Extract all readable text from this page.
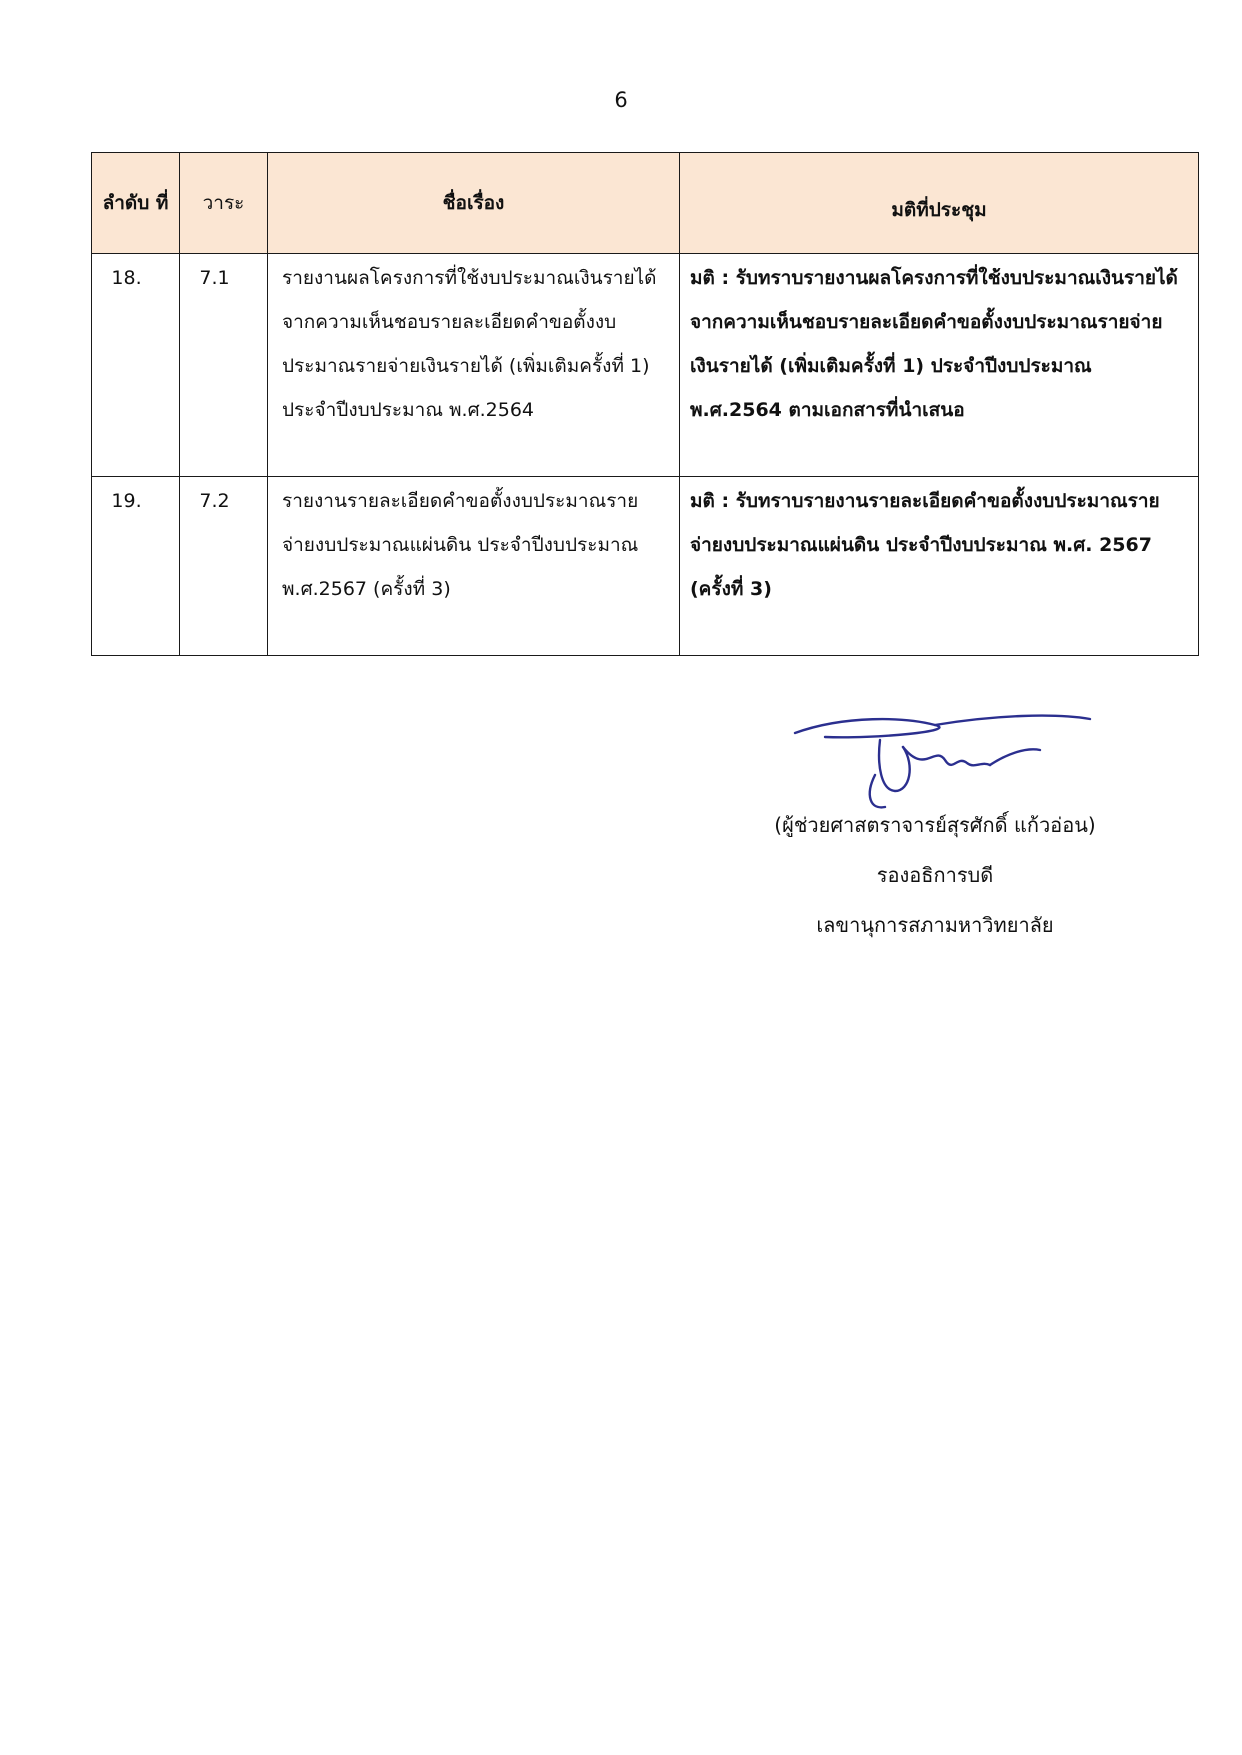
6
ลำดับ ที่	วาระ	ชื่อเรื่อง	มติที่ประชุม
18.	7.1	รายงานผลโครงการที่ใช้งบประมาณเงินรายได้ จากความเห็นชอบรายละเอียดคำขอตั้งงบประมาณรายจ่ายเงินรายได้ (เพิ่มเติมครั้งที่ 1) ประจำปีงบประมาณ พ.ศ.2564	มติ : รับทราบรายงานผลโครงการที่ใช้งบประมาณเงินรายได้ จากความเห็นชอบรายละเอียดคำขอตั้งงบประมาณรายจ่ายเงินรายได้ (เพิ่มเติมครั้งที่ 1) ประจำปีงบประมาณ พ.ศ.2564 ตามเอกสารที่นำเสนอ
19.	7.2	รายงานรายละเอียดคำขอตั้งงบประมาณรายจ่ายงบประมาณแผ่นดิน ประจำปีงบประมาณ พ.ศ.2567 (ครั้งที่ 3)	มติ : รับทราบรายงานรายละเอียดคำขอตั้งงบประมาณรายจ่ายงบประมาณแผ่นดิน ประจำปีงบประมาณ พ.ศ. 2567 (ครั้งที่ 3)
(ผู้ช่วยศาสตราจารย์สุรศักดิ์ แก้วอ่อน)
รองอธิการบดี
เลขานุการสภามหาวิทยาลัย
